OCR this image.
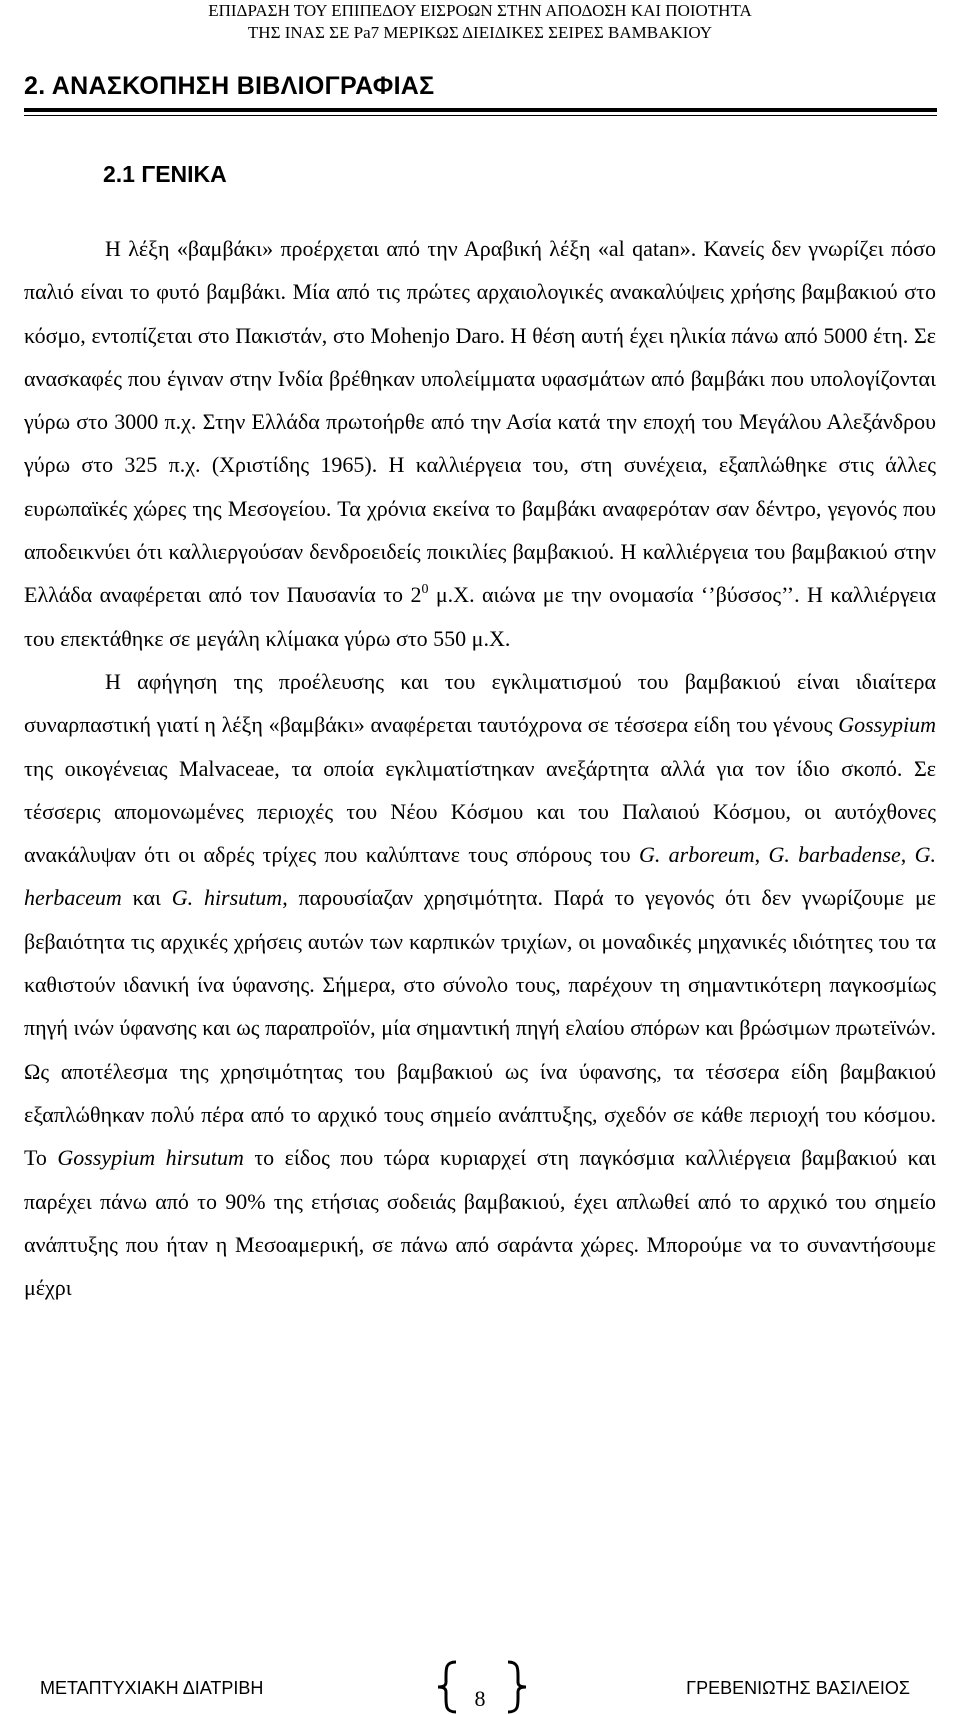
ΕΠΙΔΡΑΣΗ ΤΟΥ ΕΠΙΠΕΔΟΥ ΕΙΣΡΟΩΝ ΣΤΗΝ ΑΠΟΔΟΣΗ ΚΑΙ ΠΟΙΟΤΗΤΑ
ΤΗΣ ΙΝΑΣ ΣΕ Pa7 ΜΕΡΙΚΩΣ ΔΙΕΙΔΙΚΕΣ ΣΕΙΡΕΣ ΒΑΜΒΑΚΙΟΥ
2. ΑΝΑΣΚΟΠΗΣΗ ΒΙΒΛΙΟΓΡΑΦΙΑΣ
2.1 ΓΕΝΙΚΑ

Η λέξη «βαμβάκι» προέρχεται από την Αραβική λέξη «al qatan». Κανείς δεν γνωρίζει πόσο παλιό είναι το φυτό βαμβάκι. Μία από τις πρώτες αρχαιολογικές ανακαλύψεις χρήσης βαμβακιού στο κόσμο, εντοπίζεται στο Πακιστάν, στο Mohenjo Daro. Η θέση αυτή έχει ηλικία πάνω από 5000 έτη. Σε ανασκαφές που έγιναν στην Ινδία βρέθηκαν υπολείμματα υφασμάτων από βαμβάκι που υπολογίζονται γύρω στο 3000 π.χ. Στην Ελλάδα πρωτοήρθε από την Ασία κατά την εποχή του Μεγάλου Αλεξάνδρου γύρω στο 325 π.χ. (Χριστίδης 1965). Η καλλιέργεια του, στη συνέχεια, εξαπλώθηκε στις άλλες ευρωπαϊκές χώρες της Μεσογείου. Τα χρόνια εκείνα το βαμβάκι αναφερόταν σαν δέντρο, γεγονός που αποδεικνύει ότι καλλιεργούσαν δενδροειδείς ποικιλίες βαμβακιού. Η καλλιέργεια του βαμβακιού στην Ελλάδα αναφέρεται από τον Παυσανία το $2^0$ μ.Χ. αιώνα με την ονομασία ‘’βύσσος’’. Η καλλιέργεια του επεκτάθηκε σε μεγάλη κλίμακα γύρω στο 550 μ.Χ.

Η αφήγηση της προέλευσης και του εγκλιματισμού του βαμβακιού είναι ιδιαίτερα συναρπαστική γιατί η λέξη «βαμβάκι» αναφέρεται ταυτόχρονα σε τέσσερα είδη του γένους Gossypium της οικογένειας Malvaceae, τα οποία εγκλιματίστηκαν ανεξάρτητα αλλά για τον ίδιο σκοπό. Σε τέσσερις απομονωμένες περιοχές του Νέου Κόσμου και του Παλαιού Κόσμου, οι αυτόχθονες ανακάλυψαν ότι οι αδρές τρίχες που καλύπτανε τους σπόρους του G. arboreum, G. barbadense, G. herbaceum και G. hirsutum, παρουσίαζαν χρησιμότητα. Παρά το γεγονός ότι δεν γνωρίζουμε με βεβαιότητα τις αρχικές χρήσεις αυτών των καρπικών τριχίων, οι μοναδικές μηχανικές ιδιότητες του τα καθιστούν ιδανική ίνα ύφανσης. Σήμερα, στο σύνολο τους, παρέχουν τη σημαντικότερη παγκοσμίως πηγή ινών ύφανσης και ως παραπροϊόν, μία σημαντική πηγή ελαίου σπόρων και βρώσιμων πρωτεϊνών. Ως αποτέλεσμα της χρησιμότητας του βαμβακιού ως ίνα ύφανσης, τα τέσσερα είδη βαμβακιού εξαπλώθηκαν πολύ πέρα από το αρχικό τους σημείο ανάπτυξης, σχεδόν σε κάθε περιοχή του κόσμου. Το Gossypium hirsutum το είδος που τώρα κυριαρχεί στη παγκόσμια καλλιέργεια βαμβακιού και παρέχει πάνω από το 90% της ετήσιας σοδειάς βαμβακιού, έχει απλωθεί από το αρχικό του σημείο ανάπτυξης που ήταν η Μεσοαμερική, σε πάνω από σαράντα χώρες. Μπορούμε να το συναντήσουμε μέχρι

ΜΕΤΑΠΤΥΧΙΑΚΗ ΔΙΑΤΡΙΒΗ	8	ΓΡΕΒΕΝΙΩΤΗΣ ΒΑΣΙΛΕΙΟΣ
